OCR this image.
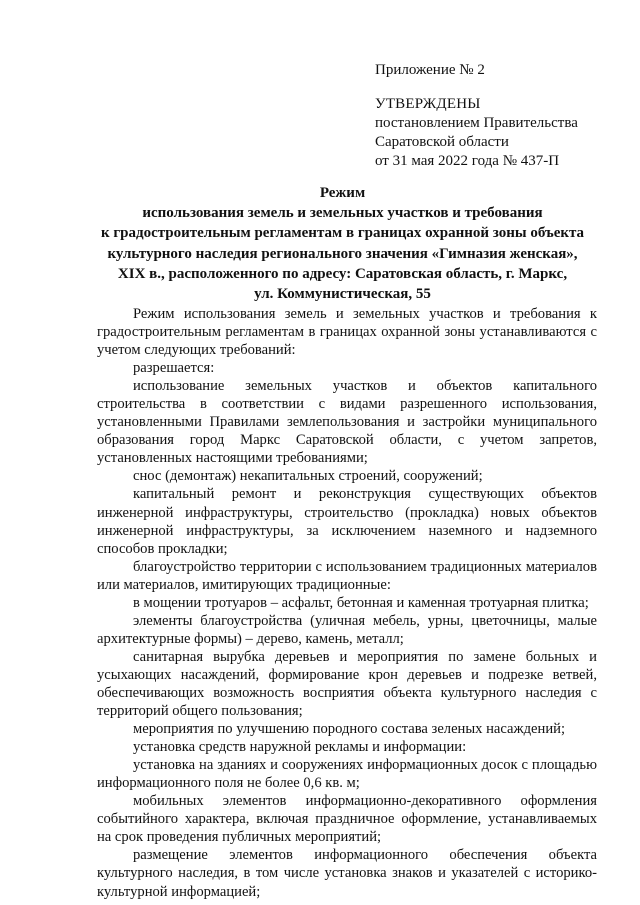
Приложение № 2
УТВЕРЖДЕНЫ
постановлением Правительства
Саратовской области
от 31 мая 2022 года № 437-П
Режим
использования земель и земельных участков и требования
к градостроительным регламентам в границах охранной зоны объекта
культурного наследия регионального значения «Гимназия женская»,
XIX в., расположенного по адресу: Саратовская область, г. Маркс,
ул. Коммунистическая, 55

Режим использования земель и земельных участков и требования к градостроительным регламентам в границах охранной зоны устанавливаются с учетом следующих требований:

разрешается:

использование земельных участков и объектов капитального строительства в соответствии с видами разрешенного использования, установленными Правилами землепользования и застройки муниципального образования город Маркс Саратовской области, с учетом запретов, установленных настоящими требованиями;

снос (демонтаж) некапитальных строений, сооружений;

капитальный ремонт и реконструкция существующих объектов инженерной инфраструктуры, строительство (прокладка) новых объектов инженерной инфраструктуры, за исключением наземного и надземного способов прокладки;

благоустройство территории с использованием традиционных материалов или материалов, имитирующих традиционные:

в мощении тротуаров – асфальт, бетонная и каменная тротуарная плитка;

элементы благоустройства (уличная мебель, урны, цветочницы, малые архитектурные формы) – дерево, камень, металл;

санитарная вырубка деревьев и мероприятия по замене больных и усыхающих насаждений, формирование крон деревьев и подрезке ветвей, обеспечивающих возможность восприятия объекта культурного наследия с территорий общего пользования;

мероприятия по улучшению породного состава зеленых насаждений;

установка средств наружной рекламы и информации:

установка на зданиях и сооружениях информационных досок с площадью информационного поля не более 0,6 кв. м;

мобильных элементов информационно-декоративного оформления событийного характера, включая праздничное оформление, устанавливаемых на срок проведения публичных мероприятий;

размещение элементов информационного обеспечения объекта культурного наследия, в том числе установка знаков и указателей с историко-культурной информацией;
